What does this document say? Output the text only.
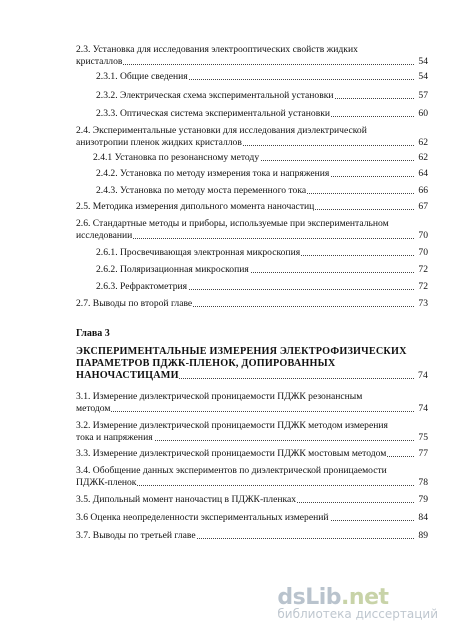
2.3. Установка для исследования электрооптических свойств жидких
кристаллов	54
2.3.1. Общие сведения	54
2.3.2. Электрическая схема экспериментальной установки	57
2.3.3. Оптическая система экспериментальной установки	60
2.4. Экспериментальные установки для исследования диэлектрической
анизотропии пленок жидких кристаллов	62
2.4.1 Установка по резонансному методу	62
2.4.2. Установка по методу измерения тока и напряжения	64
2.4.3. Установка по методу моста переменного тока	66
2.5. Методика измерения дипольного момента наночастиц	67
2.6. Стандартные методы и приборы, используемые при экспериментальном
исследовании	70
2.6.1. Просвечивающая электронная микроскопия	70
2.6.2. Поляризационная микроскопия	72
2.6.3. Рефрактометрия	72
2.7. Выводы по второй главе	73
Глава 3
ЭКСПЕРИМЕНТАЛЬНЫЕ ИЗМЕРЕНИЯ ЭЛЕКТРОФИЗИЧЕСКИХ
ПАРАМЕТРОВ ПДЖК-ПЛЕНОК, ДОПИРОВАННЫХ
НАНОЧАСТИЦАМИ	74
3.1. Измерение диэлектрической проницаемости ПДЖК резонансным
методом	74
3.2. Измерение диэлектрической проницаемости ПДЖК методом измерения
тока и напряжения	75
3.3. Измерение диэлектрической проницаемости ПДЖК мостовым методом	77
3.4. Обобщение данных экспериментов по диэлектрической проницаемости
ПДЖК-пленок	78
3.5. Дипольный момент наночастиц в ПДЖК-пленках	79
3.6 Оценка неопределенности экспериментальных измерений	84
3.7. Выводы по третьей главе	89
dsLib.net
библиотека диссертаций
